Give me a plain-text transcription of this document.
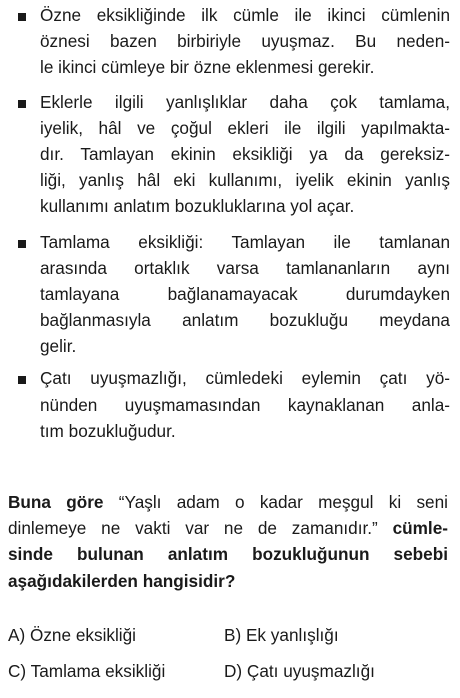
Özne eksikliğinde ilk cümle ile ikinci cümlenin
öznesi bazen birbiriyle uyuşmaz. Bu neden-
le ikinci cümleye bir özne eklenmesi gerekir.
Eklerle ilgili yanlışlıklar daha çok tamlama,
iyelik, hâl ve çoğul ekleri ile ilgili yapılmakta-
dır. Tamlayan ekinin eksikliği ya da gereksiz-
liği, yanlış hâl eki kullanımı, iyelik ekinin yanlış
kullanımı anlatım bozukluklarına yol açar.
Tamlama eksikliği: Tamlayan ile tamlanan
arasında ortaklık varsa tamlananların aynı
tamlayana bağlanamayacak durumdayken
bağlanmasıyla anlatım bozukluğu meydana
gelir.
Çatı uyuşmazlığı, cümledeki eylemin çatı yö-
nünden uyuşmamasından kaynaklanan anla-
tım bozukluğudur.
Buna göre “Yaşlı adam o kadar meşgul ki seni
dinlemeye ne vakti var ne de zamanıdır.” cümle-
sinde bulunan anlatım bozukluğunun sebebi
aşağıdakilerden hangisidir?
A) Özne eksikliği	B) Ek yanlışlığı
C) Tamlama eksikliği	D) Çatı uyuşmazlığı
